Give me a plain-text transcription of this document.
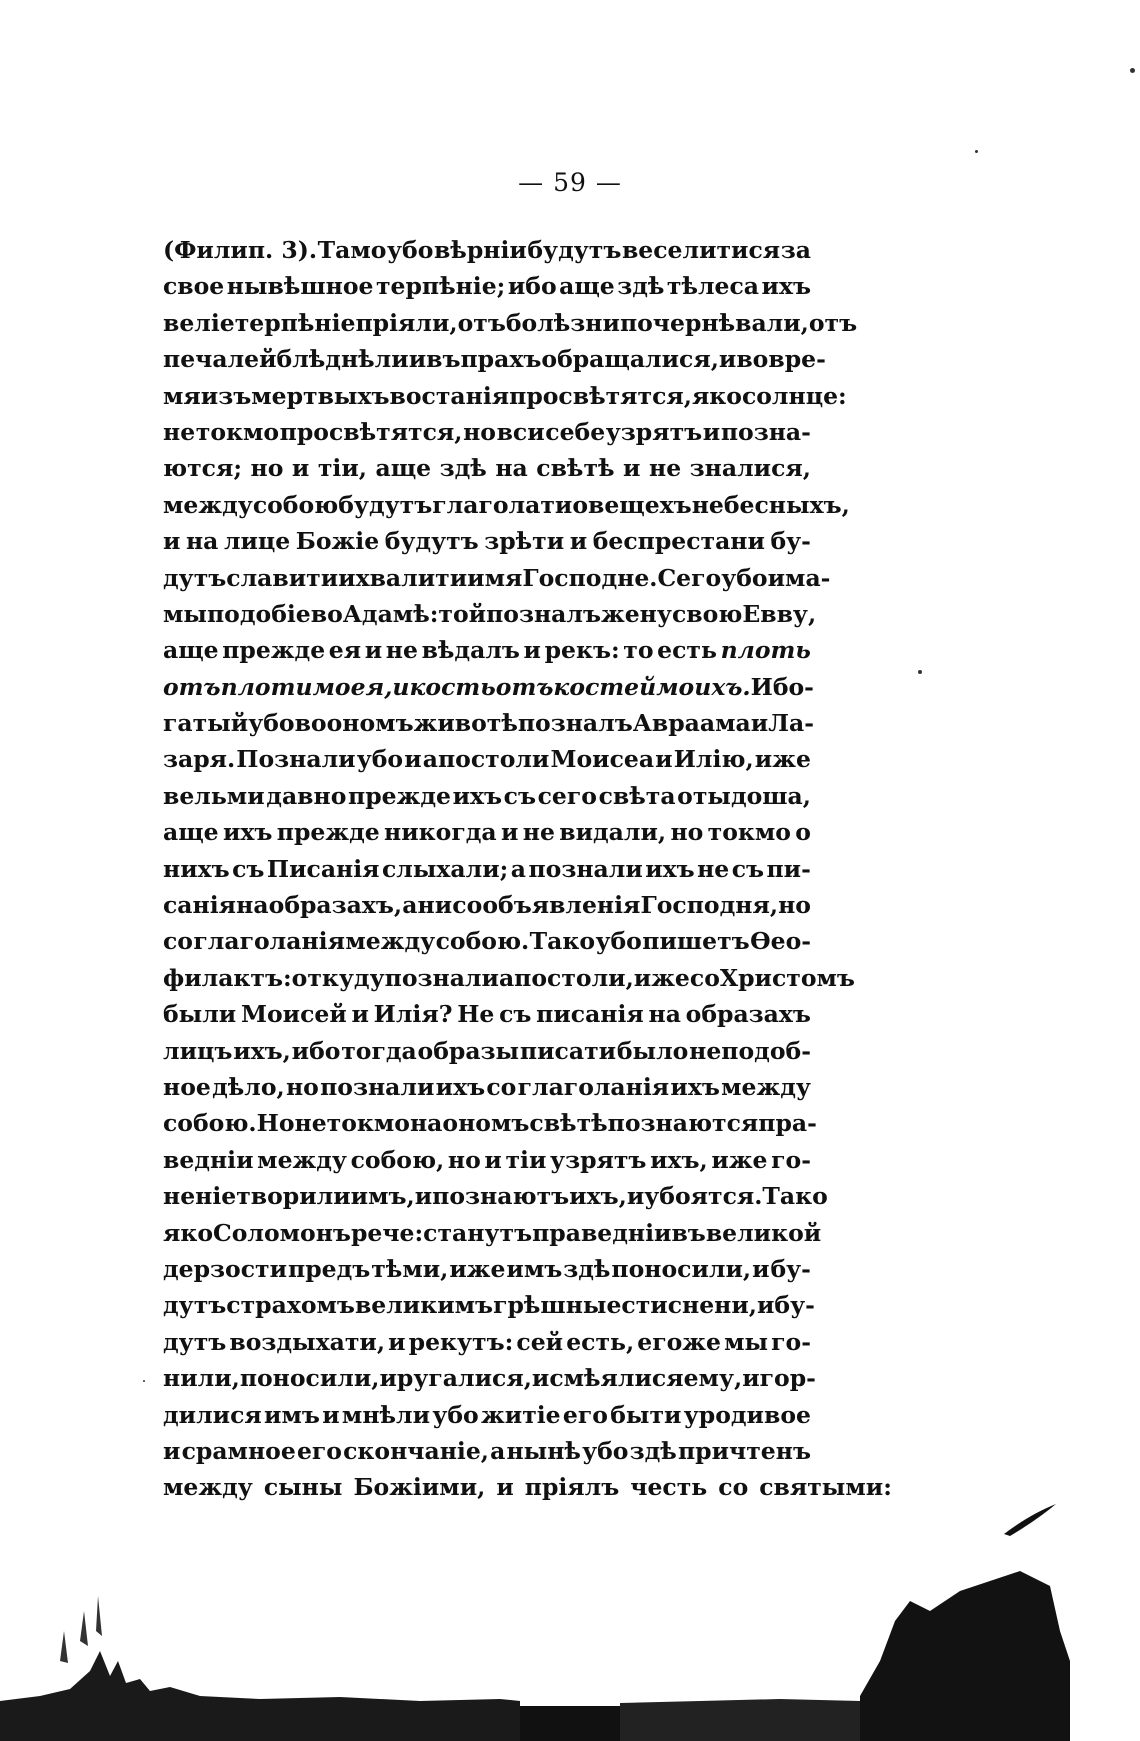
— 59 —
(Филип. 3). Тамо убо вѣрніи будутъ веселитися за
свое нывѣшное терпѣніе; ибо аще здѣ тѣлеса ихъ
веліе терпѣніе пріяли, отъ болѣзни почернѣвали, отъ
печалей блѣднѣли и въ прахъ обращалися, и во вре-
мя изъ мертвыхъ востанія просвѣтятся, яко солнце:
не токмо просвѣтятся, но вси себе узрятъ и позна-
ются; но и тіи, аще здѣ на свѣтѣ и не зналися,
между собою будутъ глаголати о вещехъ небесныхъ,
и на лице Божіе будутъ зрѣти и беспрестани бу-
дутъ славити и хвалити имя Господне. Сего убо има-
мы подобіе во Адамѣ: той позналъ жену свою Евву,
аще прежде ея и не вѣдалъ и рекъ: то есть плоть
отъ плоти моея, и кость отъ костей моихъ. И бо-
гатый убо во ономъ животѣ позналъ Авраама и Ла-
заря. Познали убо и апостоли Моисеа и Илію, иже
вельми давно прежде ихъ съ сего свѣта отыдоша,
аще ихъ прежде никогда и не видали, но токмо о
нихъ съ Писанія слыхали; а познали ихъ не съ пи-
санія на образахъ, а ни со объявленія Господня, но
со глаголанія между собою. Тако убо пишетъ Ѳео-
филактъ: откуду познали апостоли, иже со Христомъ
были Моисей и Илія? Не съ писанія на образахъ
лицъ ихъ, ибо тогда образы писати было неподоб-
ное дѣло, но познали ихъ со глаголанія ихъ между
собою. Но не токмо на ономъ свѣтѣ познаются пра-
ведніи между собою, но и тіи узрятъ ихъ, иже го-
неніе творили имъ, и познаютъ ихъ, и убоятся. Тако
яко Соломонъ рече: станутъ праведніи въ великой
дерзости предъ тѣми, иже имъ здѣ поносили, и бу-
дутъ страхомъ великимъ грѣшные стиснени, и бу-
дутъ воздыхати, и рекутъ: сей есть, егоже мы го-
нили, поносили, и ругалися, и смѣялися ему, и гор-
дилися имъ и мнѣли убо житіе его быти уродивое
и срамное его скончаніе, а нынѣ убо здѣ причтенъ
между сыны Божіими, и пріялъ честь со святыми:
